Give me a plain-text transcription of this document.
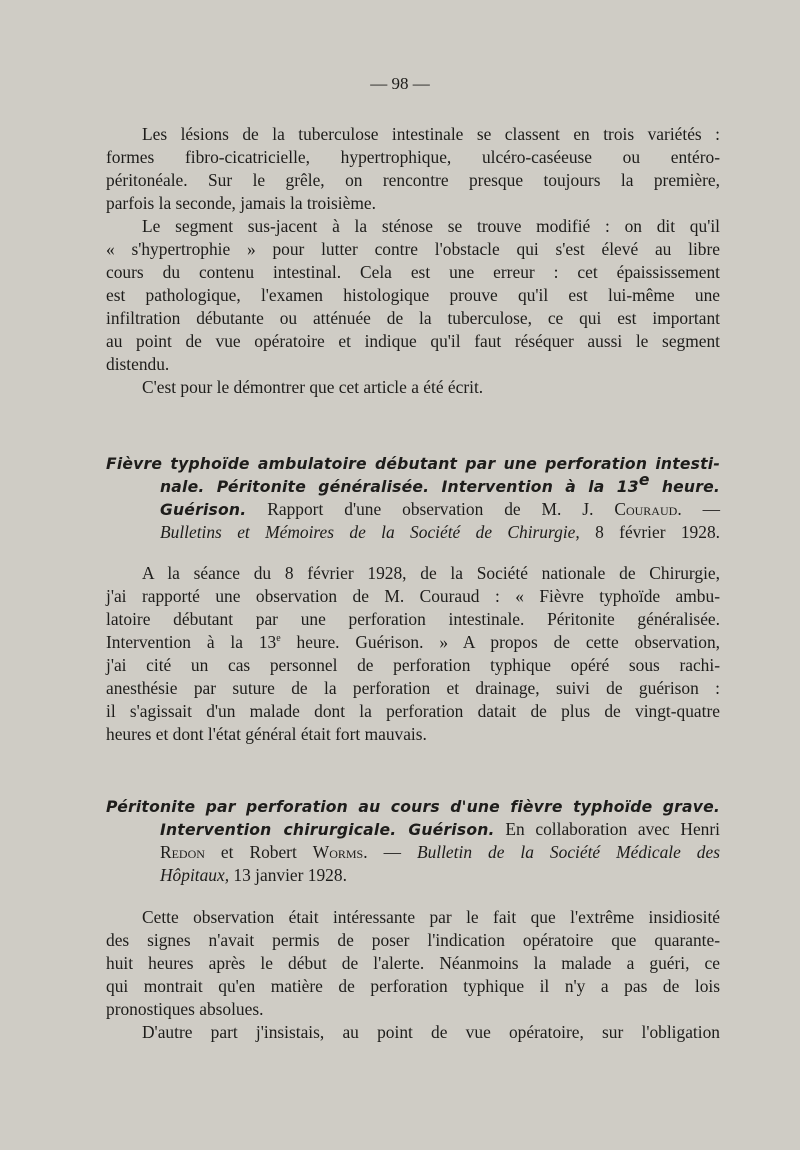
— 98 —

Les lésions de la tuberculose intestinale se classent en trois variétés :

formes fibro-cicatricielle, hypertrophique, ulcéro-caséeuse ou entéro-

péritonéale. Sur le grêle, on rencontre presque toujours la première,

parfois la seconde, jamais la troisième.

Le segment sus-jacent à la sténose se trouve modifié : on dit qu'il

« s'hypertrophie » pour lutter contre l'obstacle qui s'est élevé au libre

cours du contenu intestinal. Cela est une erreur : cet épaississement

est pathologique, l'examen histologique prouve qu'il est lui-même une

infiltration débutante ou atténuée de la tuberculose, ce qui est important

au point de vue opératoire et indique qu'il faut réséquer aussi le segment

distendu.

C'est pour le démontrer que cet article a été écrit.

Fièvre typhoïde ambulatoire débutant par une perforation intesti-

nale. Péritonite généralisée. Intervention à la 13e heure.

Guérison. Rapport d'une observation de M. J. Couraud. —

Bulletins et Mémoires de la Société de Chirurgie, 8 février 1928.

A la séance du 8 février 1928, de la Société nationale de Chirurgie,

j'ai rapporté une observation de M. Couraud : « Fièvre typhoïde ambu-

latoire débutant par une perforation intestinale. Péritonite généralisée.

Intervention à la 13e heure. Guérison. » A propos de cette observation,

j'ai cité un cas personnel de perforation typhique opéré sous rachi-

anesthésie par suture de la perforation et drainage, suivi de guérison :

il s'agissait d'un malade dont la perforation datait de plus de vingt-quatre

heures et dont l'état général était fort mauvais.

Péritonite par perforation au cours d'une fièvre typhoïde grave.

Intervention chirurgicale. Guérison. En collaboration avec Henri

Redon et Robert Worms. — Bulletin de la Société Médicale des

Hôpitaux, 13 janvier 1928.

Cette observation était intéressante par le fait que l'extrême insidiosité

des signes n'avait permis de poser l'indication opératoire que quarante-

huit heures après le début de l'alerte. Néanmoins la malade a guéri, ce

qui montrait qu'en matière de perforation typhique il n'y a pas de lois

pronostiques absolues.

D'autre part j'insistais, au point de vue opératoire, sur l'obligation
